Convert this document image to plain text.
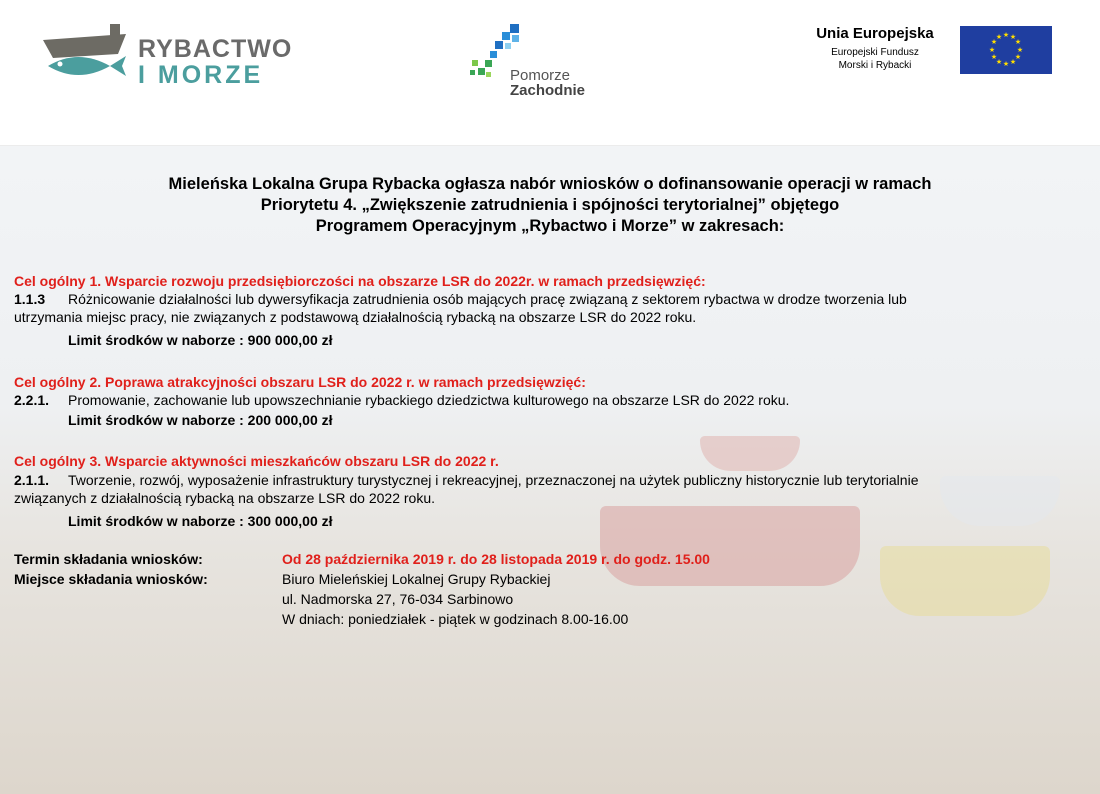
RYBACTWO
I MORZE	Pomorze
Zachodnie
Unia Europejska
Europejski Fundusz
Morski i Rybacki
★ ★
★
★
★
★
★
★
★
★
★
★
Mieleńska Lokalna Grupa Rybacka ogłasza nabór wniosków o dofinansowanie operacji w ramach
Priorytetu 4. „Zwiększenie zatrudnienia i spójności terytorialnej” objętego
Programem Operacyjnym „Rybactwo i Morze” w zakresach:
Cel ogólny 1. Wsparcie rozwoju przedsiębiorczości na obszarze LSR do 2022r. w ramach przedsięwzięć:
1.1.3	Różnicowanie działalności lub dywersyfikacja zatrudnienia osób mających pracę związaną z sektorem rybactwa w drodze tworzenia lub
utrzymania miejsc pracy, nie związanych z podstawową działalnością rybacką na obszarze LSR do 2022 roku.
Limit środków w naborze : 900 000,00 zł
Cel ogólny 2. Poprawa atrakcyjności obszaru LSR do 2022 r. w ramach przedsięwzięć:
2.2.1.	Promowanie, zachowanie lub upowszechnianie rybackiego dziedzictwa kulturowego na obszarze LSR do 2022 roku.
Limit środków w naborze : 200 000,00 zł
Cel ogólny 3. Wsparcie aktywności mieszkańców obszaru LSR do 2022 r.
2.1.1.	Tworzenie, rozwój, wyposażenie infrastruktury turystycznej i rekreacyjnej, przeznaczonej na użytek publiczny historycznie lub terytorialnie
związanych z działalnością rybacką na obszarze LSR do 2022 roku.
Limit środków w naborze : 300 000,00 zł
Termin składania wniosków:	Od 28 października 2019 r. do 28 listopada 2019 r. do godz. 15.00
Miejsce składania wniosków:	Biuro Mieleńskiej Lokalnej Grupy Rybackiej
ul. Nadmorska 27, 76-034 Sarbinowo
W dniach: poniedziałek - piątek w godzinach 8.00-16.00
